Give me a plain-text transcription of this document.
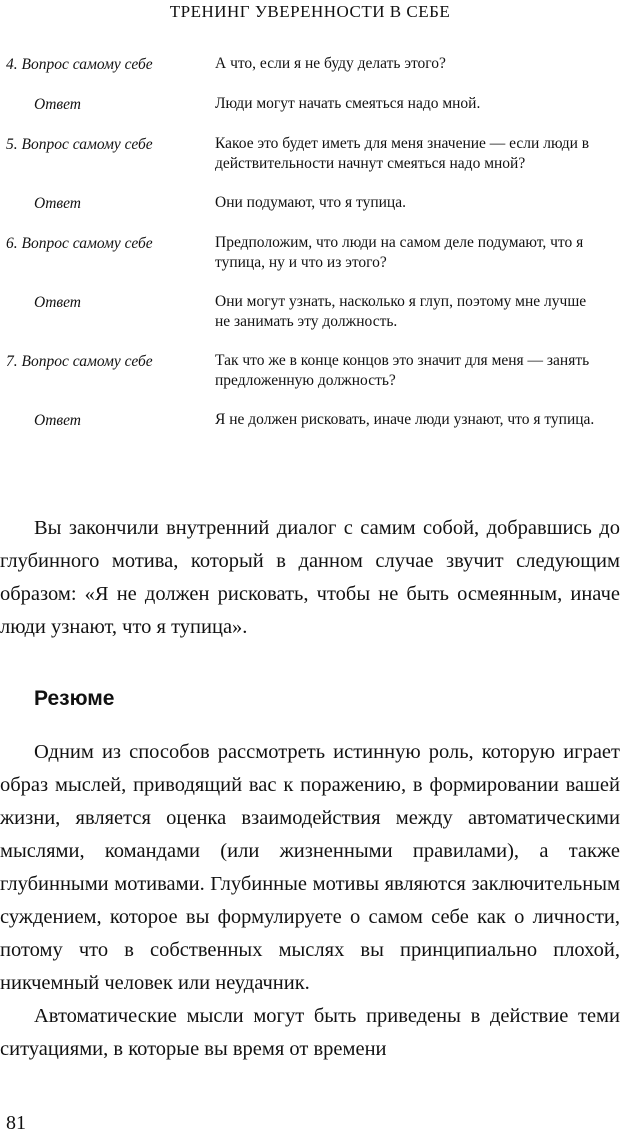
ТРЕНИНГ УВЕРЕННОСТИ В СЕБЕ
4. Вопрос самому себе	А что, если я не буду делать этого?
Ответ	Люди могут начать смеяться надо мной.
5. Вопрос самому себе	Какое это будет иметь для меня значение — если люди в действительности начнут смеяться надо мной?
Ответ	Они подумают, что я тупица.
6. Вопрос самому себе	Предположим, что люди на самом деле подумают, что я тупица, ну и что из этого?
Ответ	Они могут узнать, насколько я глуп, поэтому мне лучше не занимать эту должность.
7. Вопрос самому себе	Так что же в конце концов это значит для меня — занять предложенную должность?
Ответ	Я не должен рисковать, иначе люди узнают, что я тупица.

Вы закончили внутренний диалог с самим собой, добравшись до глубинного мотива, который в данном случае звучит следующим образом: «Я не должен рисковать, чтобы не быть осмеянным, иначе люди узнают, что я тупица».

Резюме

Одним из способов рассмотреть истинную роль, которую играет образ мыслей, приводящий вас к поражению, в формировании вашей жизни, является оценка взаимодействия между автоматическими мыслями, командами (или жизненными правилами), а также глубинными мотивами. Глубинные мотивы являются заключительным суждением, которое вы формулируете о самом себе как о личности, потому что в собственных мыслях вы принципиально плохой, никчемный человек или неудачник.

Автоматические мысли могут быть приведены в действие теми ситуациями, в которые вы время от времени

81
